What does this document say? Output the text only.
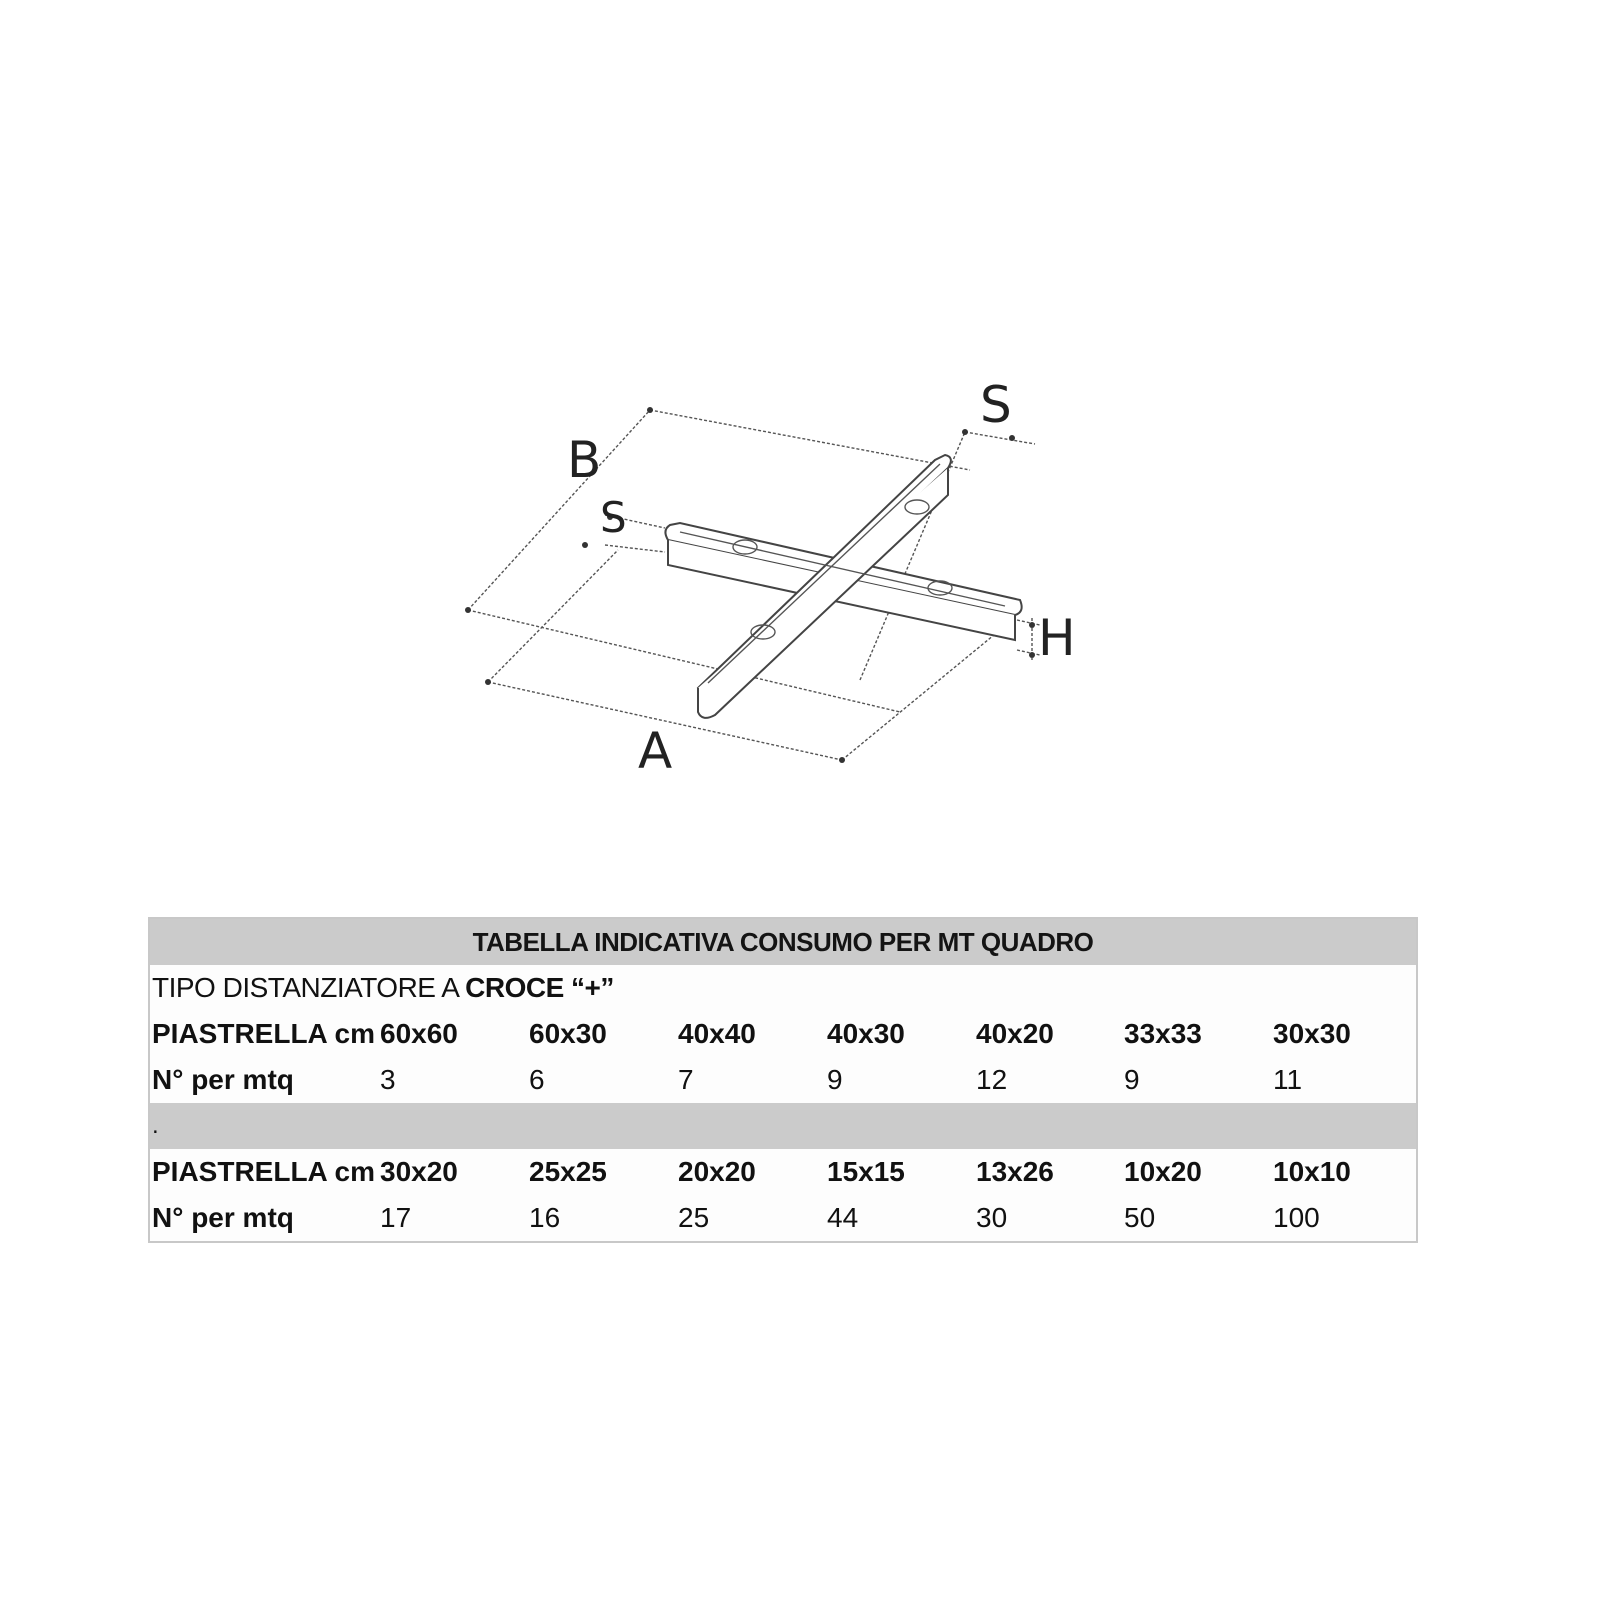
B
S
S
H
A
TABELLA INDICATIVA CONSUMO PER MT QUADRO
TIPO DISTANZIATORE A CROCE “+”
PIASTRELLA cm 60x60	60x30	40x40	40x30	40x20	33x33	30x30
N° per mtq	3	6	7	9	12	9	11
.
PIASTRELLA cm 30x20	25x25	20x20	15x15	13x26	10x20	10x10
N° per mtq	17	16	25	44	30	50	100
